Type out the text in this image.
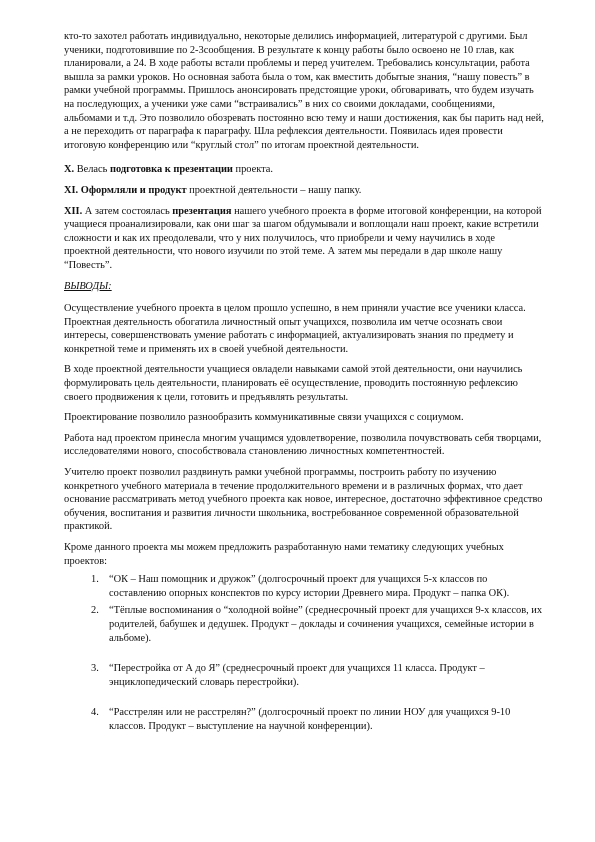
кто-то захотел работать индивидуально, некоторые делились информацией, литературой с другими. Был ученики, подготовившие по 2-3сообщения. В результате к концу работы было освоено не 10 глав, как планировали, а 24. В ходе работы встали проблемы и перед учителем. Требовались консультации, работа вышла за рамки уроков. Но основная забота была о том, как вместить добытые знания, “нашу повесть” в рамки учебной программы. Пришлось анонсировать предстоящие уроки, обговаривать, что будем изучать на последующих, а ученики уже сами “встраивались” в них со своими докладами, сообщениями, альбомами и т.д. Это позволило обозревать постоянно всю тему и наши достижения, как бы парить над ней, а не переходить от параграфа к параграфу. Шла рефлексия деятельности. Появилась идея провести итоговую конференцию или “круглый стол” по итогам проектной деятельности.

X. Велась подготовка к презентации проекта.

XI. Оформляли и продукт проектной деятельности – нашу папку.

XII. А затем состоялась презентация нашего учебного проекта в форме итоговой конференции, на которой учащиеся проанализировали, как они шаг за шагом обдумывали и воплощали наш проект, какие встретили сложности и как их преодолевали, что у них получилось, что приобрели и чему научились в ходе проектной деятельности, что нового изучили по этой теме. А затем мы передали в дар школе нашу “Повесть”.

ВЫВОДЫ:

Осуществление учебного проекта в целом прошло успешно, в нем приняли участие все ученики класса. Проектная деятельность обогатила личностный опыт учащихся, позволила им четче осознать свои интересы, совершенствовать умение работать с информацией, актуализировать знания по предмету и конкретной теме и применять их в своей учебной деятельности.

В ходе проектной деятельности учащиеся овладели навыками самой этой деятельности, они научились формулировать цель деятельности, планировать её осуществление, проводить постоянную рефлексию своего продвижения к цели, готовить и предъявлять результаты.

Проектирование позволило разнообразить коммуникативные связи учащихся с социумом.

Работа над проектом принесла многим учащимся удовлетворение, позволила почувствовать себя творцами, исследователями нового, способствовала становлению личностных компетентностей.

Учителю проект позволил раздвинуть рамки учебной программы, построить работу по изучению конкретного учебного материала в течение продолжительного времени и в различных формах, что дает основание рассматривать метод учебного проекта как новое, интересное, достаточно эффективное средство обучения, воспитания и развития личности школьника, востребованное современной образовательной практикой.

Кроме данного проекта мы можем предложить разработанную нами тематику следующих учебных проектов:

1. “ОК – Наш помощник и дружок” (долгосрочный проект для учащихся 5-х классов по составлению опорных конспектов по курсу истории Древнего мира. Продукт – папка ОК).
2. “Тёплые воспоминания о “холодной войне” (среднесрочный проект для учащихся 9-х классов, их родителей, бабушек и дедушек. Продукт – доклады и сочинения учащихся, семейные истории в альбоме).
3. “Перестройка от А до Я” (среднесрочный проект для учащихся 11 класса. Продукт – энциклопедический словарь перестройки).
4. “Расстрелян или не расстрелян?” (долгосрочный проект по линии НОУ для учащихся 9-10 классов. Продукт – выступление на научной конференции).
